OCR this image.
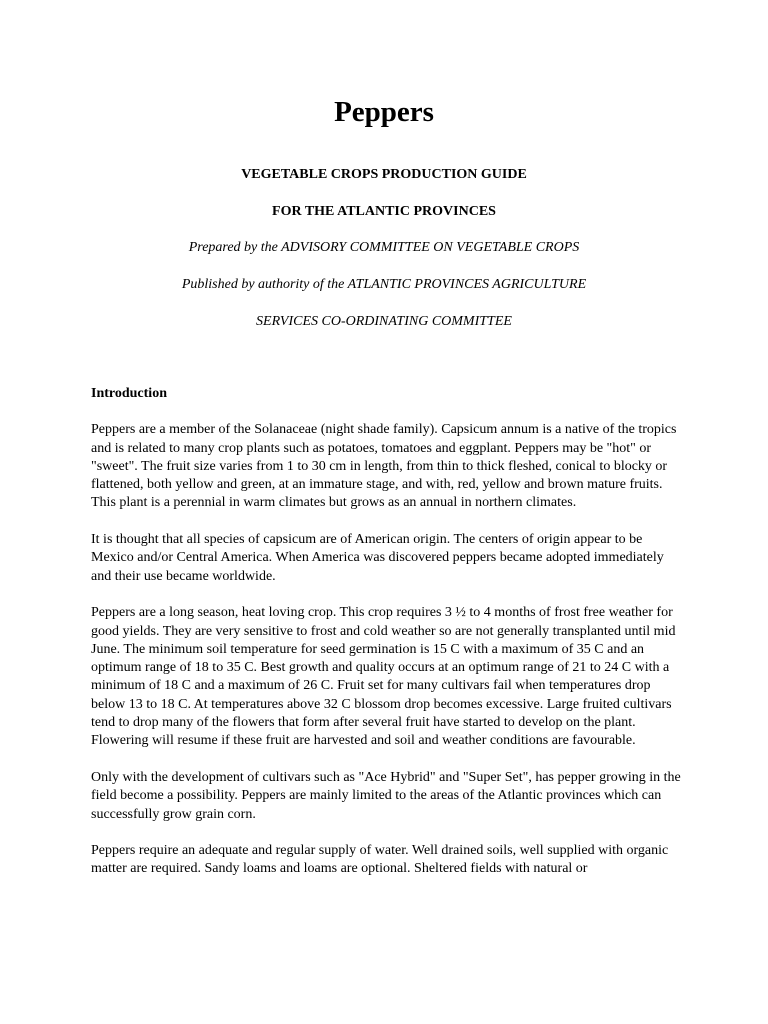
Peppers

VEGETABLE CROPS PRODUCTION GUIDE

FOR THE ATLANTIC PROVINCES

Prepared by the ADVISORY COMMITTEE ON VEGETABLE CROPS

Published by authority of the ATLANTIC PROVINCES AGRICULTURE

SERVICES CO-ORDINATING COMMITTEE

Introduction

Peppers are a member of the Solanaceae (night shade family). Capsicum annum is a native of the tropics and is related to many crop plants such as potatoes, tomatoes and eggplant. Peppers may be "hot" or "sweet". The fruit size varies from 1 to 30 cm in length, from thin to thick fleshed, conical to blocky or flattened, both yellow and green, at an immature stage, and with, red, yellow and brown mature fruits. This plant is a perennial in warm climates but grows as an annual in northern climates.

It is thought that all species of capsicum are of American origin. The centers of origin appear to be Mexico and/or Central America. When America was discovered peppers became adopted immediately and their use became worldwide.

Peppers are a long season, heat loving crop. This crop requires 3 ½ to 4 months of frost free weather for good yields. They are very sensitive to frost and cold weather so are not generally transplanted until mid June. The minimum soil temperature for seed germination is 15 C with a maximum of 35 C and an optimum range of 18 to 35 C. Best growth and quality occurs at an optimum range of 21 to 24 C with a minimum of 18 C and a maximum of 26 C. Fruit set for many cultivars fail when temperatures drop below 13 to 18 C. At temperatures above 32 C blossom drop becomes excessive. Large fruited cultivars tend to drop many of the flowers that form after several fruit have started to develop on the plant. Flowering will resume if these fruit are harvested and soil and weather conditions are favourable.

Only with the development of cultivars such as "Ace Hybrid" and "Super Set", has pepper growing in the field become a possibility. Peppers are mainly limited to the areas of the Atlantic provinces which can successfully grow grain corn.

Peppers require an adequate and regular supply of water. Well drained soils, well supplied with organic matter are required. Sandy loams and loams are optional. Sheltered fields with natural or
